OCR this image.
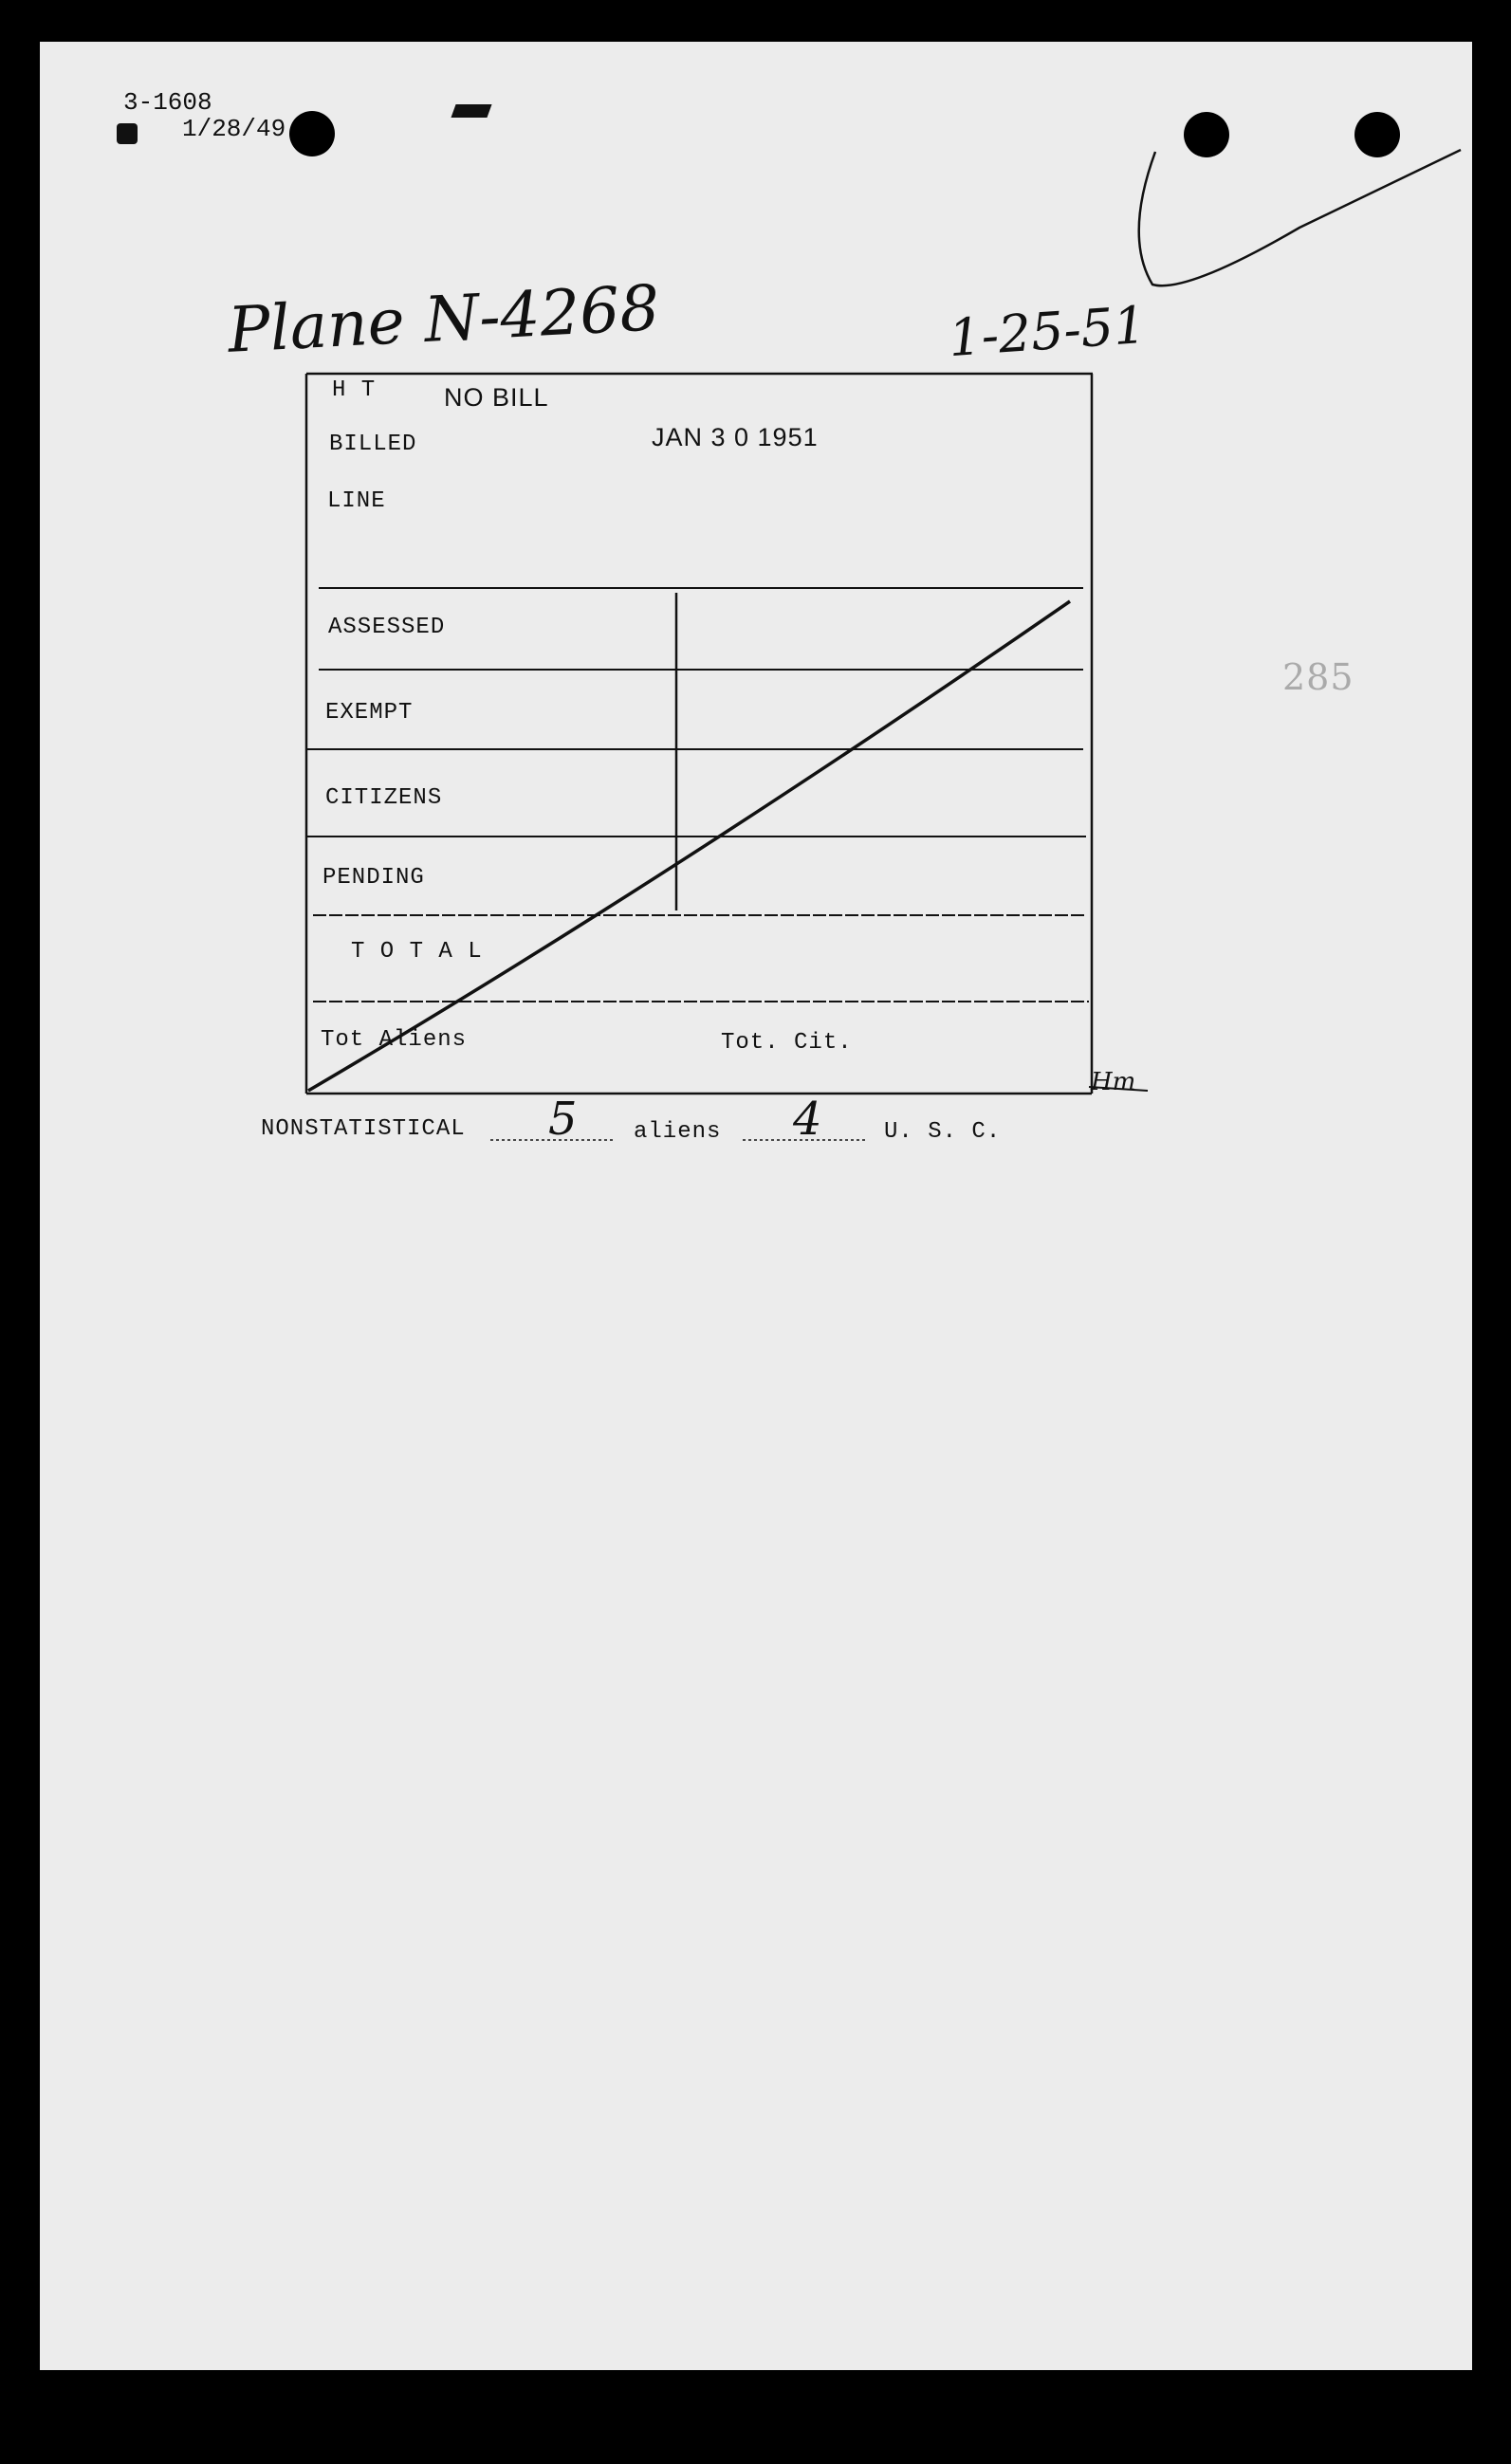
3-1608
1/28/49
Plane N-4268	1-25-51
H T	NO BILL
BILLED	JAN 3 0 1951
LINE
ASSESSED
EXEMPT
CITIZENS
PENDING
T O T A L
Tot Aliens	Tot. Cit.
Hm
NONSTATISTICAL 5 aliens 4	U. S. C.
285
